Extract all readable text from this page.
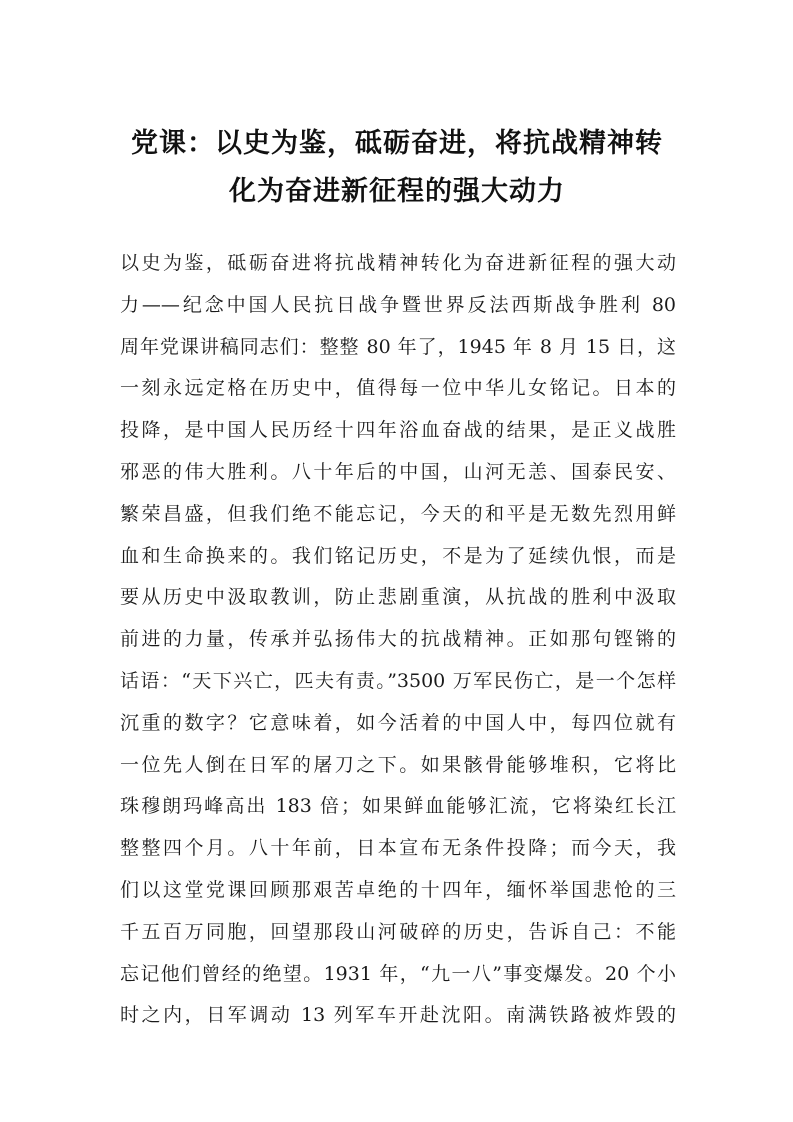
党课：以史为鉴，砥砺奋进，将抗战精神转
化为奋进新征程的强大动力
以史为鉴，砥砺奋进将抗战精神转化为奋进新征程的强大动
力——纪念中国人民抗日战争暨世界反法西斯战争胜利 80
周年党课讲稿同志们：整整 80 年了，1945 年 8 月 15 日，这
一刻永远定格在历史中，值得每一位中华儿女铭记。日本的
投降，是中国人民历经十四年浴血奋战的结果，是正义战胜
邪恶的伟大胜利。八十年后的中国，山河无恙、国泰民安、
繁荣昌盛，但我们绝不能忘记，今天的和平是无数先烈用鲜
血和生命换来的。我们铭记历史，不是为了延续仇恨，而是
要从历史中汲取教训，防止悲剧重演，从抗战的胜利中汲取
前进的力量，传承并弘扬伟大的抗战精神。正如那句铿锵的
话语：“天下兴亡，匹夫有责。”3500 万军民伤亡，是一个怎样
沉重的数字？它意味着，如今活着的中国人中，每四位就有
一位先人倒在日军的屠刀之下。如果骸骨能够堆积，它将比
珠穆朗玛峰高出 183 倍；如果鲜血能够汇流，它将染红长江
整整四个月。八十年前，日本宣布无条件投降；而今天，我
们以这堂党课回顾那艰苦卓绝的十四年，缅怀举国悲怆的三
千五百万同胞，回望那段山河破碎的历史，告诉自己：不能
忘记他们曾经的绝望。1931 年，“九一八”事变爆发。20 个小
时之内，日军调动 13 列军车开赴沈阳。南满铁路被炸毁的
